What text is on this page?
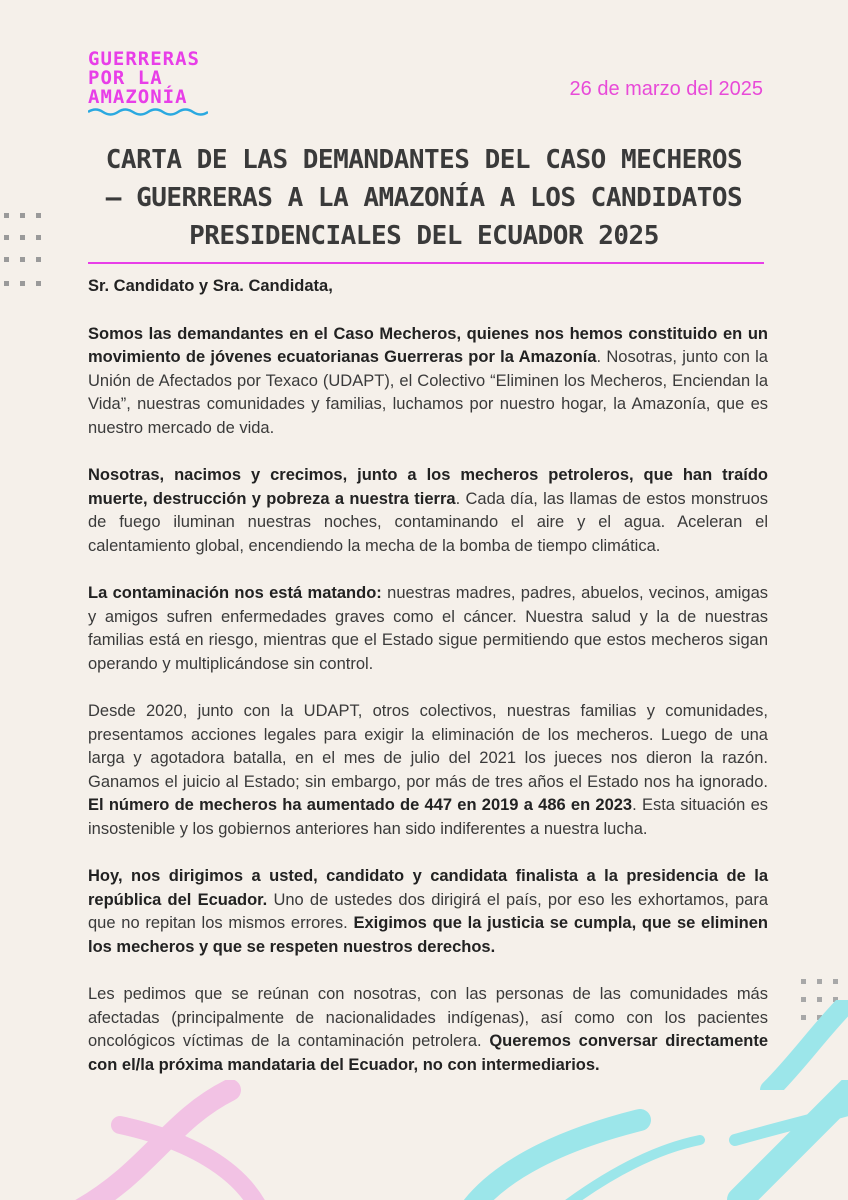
GUERRERAS
POR LA
AMAZONÍA	26 de marzo del 2025
CARTA DE LAS DEMANDANTES DEL CASO MECHEROS
– GUERRERAS A LA AMAZONÍA A LOS CANDIDATOS
PRESIDENCIALES DEL ECUADOR 2025

Sr. Candidato y Sra. Candidata,

Somos las demandantes en el Caso Mecheros, quienes nos hemos constituido en un movimiento de jóvenes ecuatorianas Guerreras por la Amazonía. Nosotras, junto con la Unión de Afectados por Texaco (UDAPT), el Colectivo “Eliminen los Mecheros, Enciendan la Vida”, nuestras comunidades y familias, luchamos por nuestro hogar, la Amazonía, que es nuestro mercado de vida.

Nosotras, nacimos y crecimos, junto a los mecheros petroleros, que han traído muerte, destrucción y pobreza a nuestra tierra. Cada día, las llamas de estos monstruos de fuego iluminan nuestras noches, contaminando el aire y el agua. Aceleran el calentamiento global, encendiendo la mecha de la bomba de tiempo climática.

La contaminación nos está matando: nuestras madres, padres, abuelos, vecinos, amigas y amigos sufren enfermedades graves como el cáncer. Nuestra salud y la de nuestras familias está en riesgo, mientras que el Estado sigue permitiendo que estos mecheros sigan operando y multiplicándose sin control.

Desde 2020, junto con la UDAPT, otros colectivos, nuestras familias y comunidades, presentamos acciones legales para exigir la eliminación de los mecheros. Luego de una larga y agotadora batalla, en el mes de julio del 2021 los jueces nos dieron la razón. Ganamos el juicio al Estado; sin embargo, por más de tres años el Estado nos ha ignorado. El número de mecheros ha aumentado de 447 en 2019 a 486 en 2023. Esta situación es insostenible y los gobiernos anteriores han sido indiferentes a nuestra lucha.

Hoy, nos dirigimos a usted, candidato y candidata finalista a la presidencia de la república del Ecuador. Uno de ustedes dos dirigirá el país, por eso les exhortamos, para que no repitan los mismos errores. Exigimos que la justicia se cumpla, que se eliminen los mecheros y que se respeten nuestros derechos.

Les pedimos que se reúnan con nosotras, con las personas de las comunidades más afectadas (principalmente de nacionalidades indígenas), así como con los pacientes oncológicos víctimas de la contaminación petrolera. Queremos conversar directamente con el/la próxima mandataria del Ecuador, no con intermediarios.
